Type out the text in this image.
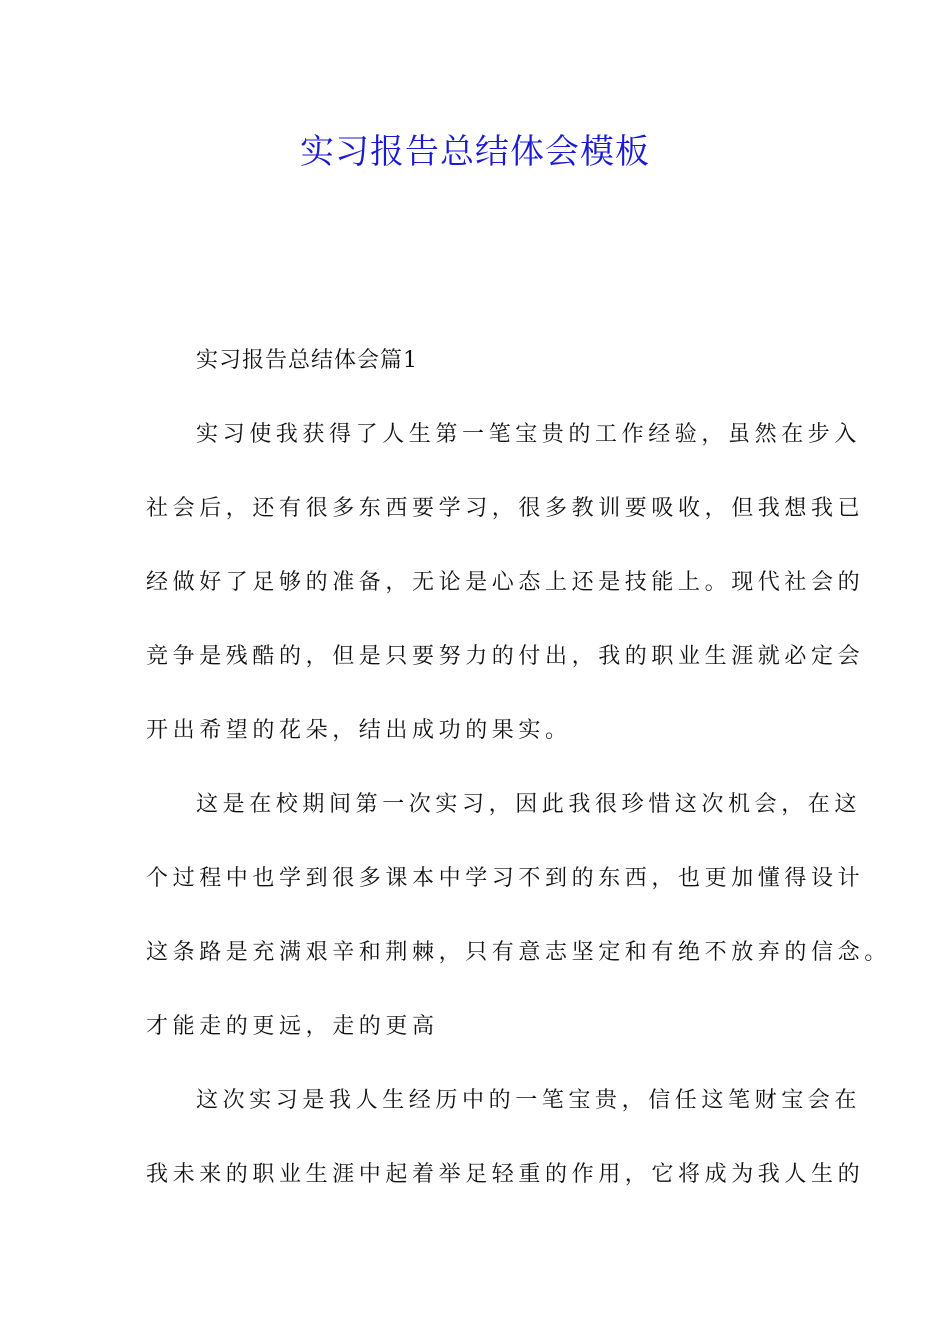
实习报告总结体会模板
实习报告总结体会篇1
实习使我获得了人生第一笔宝贵的工作经验，虽然在步入
社会后，还有很多东西要学习，很多教训要吸收，但我想我已
经做好了足够的准备，无论是心态上还是技能上。现代社会的
竞争是残酷的，但是只要努力的付出，我的职业生涯就必定会
开出希望的花朵，结出成功的果实。
这是在校期间第一次实习，因此我很珍惜这次机会，在这
个过程中也学到很多课本中学习不到的东西，也更加懂得设计
这条路是充满艰辛和荆棘，只有意志坚定和有绝不放弃的信念。
才能走的更远，走的更高
这次实习是我人生经历中的一笔宝贵，信任这笔财宝会在
我未来的职业生涯中起着举足轻重的作用，它将成为我人生的
